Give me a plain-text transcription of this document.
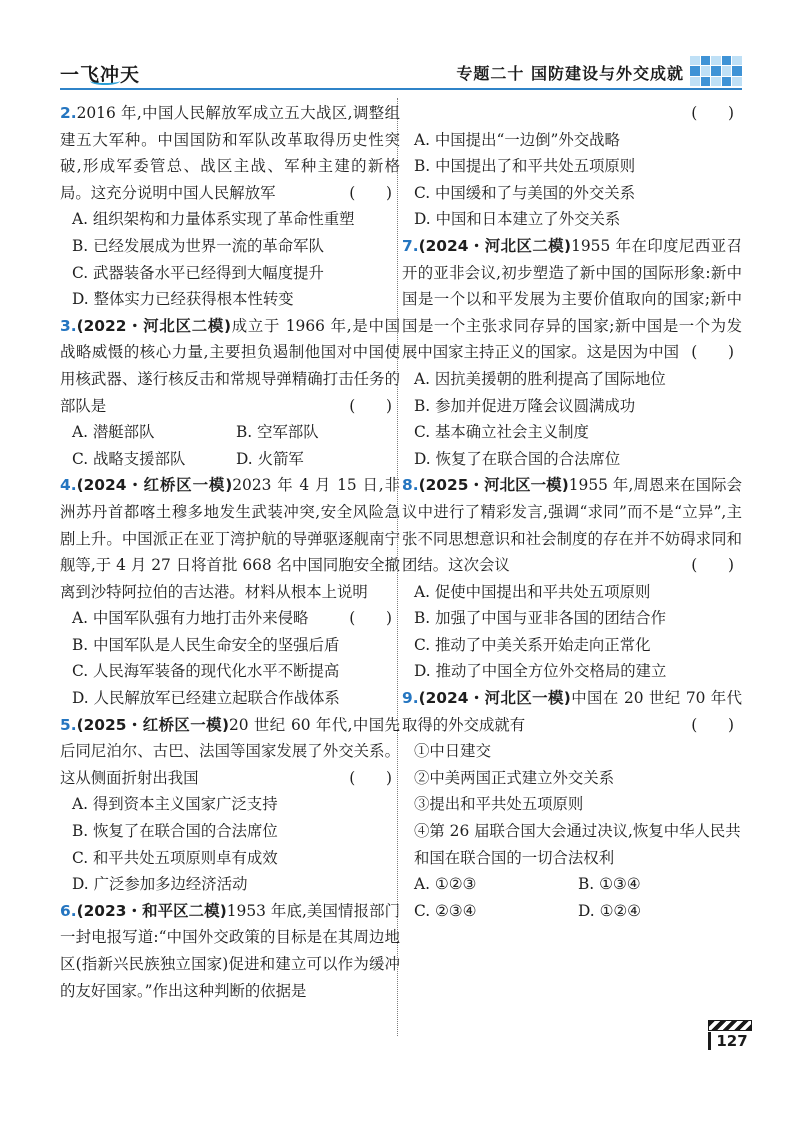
一飞冲天	专题二十 国防建设与外交成就

2.2016 年,中国人民解放军成立五大战区,调整组建五大军种。中国国防和军队改革取得历史性突破,形成军委管总、战区主战、军种主建的新格局。这充分说明中国人民解放军　	(　　)

A. 组织架构和力量体系实现了革命性重塑

B. 已经发展成为世界一流的革命军队

C. 武器装备水平已经得到大幅度提升

D. 整体实力已经获得根本性转变

3.(2022・河北区二模)成立于 1966 年,是中国战略威慑的核心力量,主要担负遏制他国对中国使用核武器、遂行核反击和常规导弹精确打击任务的部队是	(　　)

A. 潜艇部队	B. 空军部队
C. 战略支援部队	D. 火箭军

4.(2024・红桥区一模)2023 年 4 月 15 日,非洲苏丹首都喀土穆多地发生武装冲突,安全风险急剧上升。中国派正在亚丁湾护航的导弹驱逐舰南宁舰等,于 4 月 27 日将首批 668 名中国同胞安全撤离到沙特阿拉伯的吉达港。材料从根本上说明
(　　)

A. 中国军队强有力地打击外来侵略

B. 中国军队是人民生命安全的坚强后盾

C. 人民海军装备的现代化水平不断提高

D. 人民解放军已经建立起联合作战体系

5.(2025・红桥区一模)20 世纪 60 年代,中国先后同尼泊尔、古巴、法国等国家发展了外交关系。这从侧面折射出我国	(　　)

A. 得到资本主义国家广泛支持

B. 恢复了在联合国的合法席位

C. 和平共处五项原则卓有成效

D. 广泛参加多边经济活动

6.(2023・和平区二模)1953 年底,美国情报部门一封电报写道:“中国外交政策的目标是在其周边地区(指新兴民族独立国家)促进和建立可以作为缓冲的友好国家。”作出这种判断的依据是

(　　)

A. 中国提出“一边倒”外交战略

B. 中国提出了和平共处五项原则

C. 中国缓和了与美国的外交关系

D. 中国和日本建立了外交关系

7.(2024・河北区二模)1955 年在印度尼西亚召开的亚非会议,初步塑造了新中国的国际形象:新中国是一个以和平发展为主要价值取向的国家;新中国是一个主张求同存异的国家;新中国是一个为发展中国家主持正义的国家。这是因为中国 (　　)

A. 因抗美援朝的胜利提高了国际地位

B. 参加并促进万隆会议圆满成功

C. 基本确立社会主义制度

D. 恢复了在联合国的合法席位

8.(2025・河北区一模)1955 年,周恩来在国际会议中进行了精彩发言,强调“求同”而不是“立异”,主张不同思想意识和社会制度的存在并不妨碍求同和团结。这次会议	(　　)

A. 促使中国提出和平共处五项原则

B. 加强了中国与亚非各国的团结合作

C. 推动了中美关系开始走向正常化

D. 推动了中国全方位外交格局的建立

9.(2024・河北区一模)中国在 20 世纪 70 年代取得的外交成就有	(　　)

①中日建交

②中美两国正式建立外交关系

③提出和平共处五项原则

④第 26 届联合国大会通过决议,恢复中华人民共和国在联合国的一切合法权利

A. ①②③	B. ①③④
C. ②③④	D. ①②④
127
